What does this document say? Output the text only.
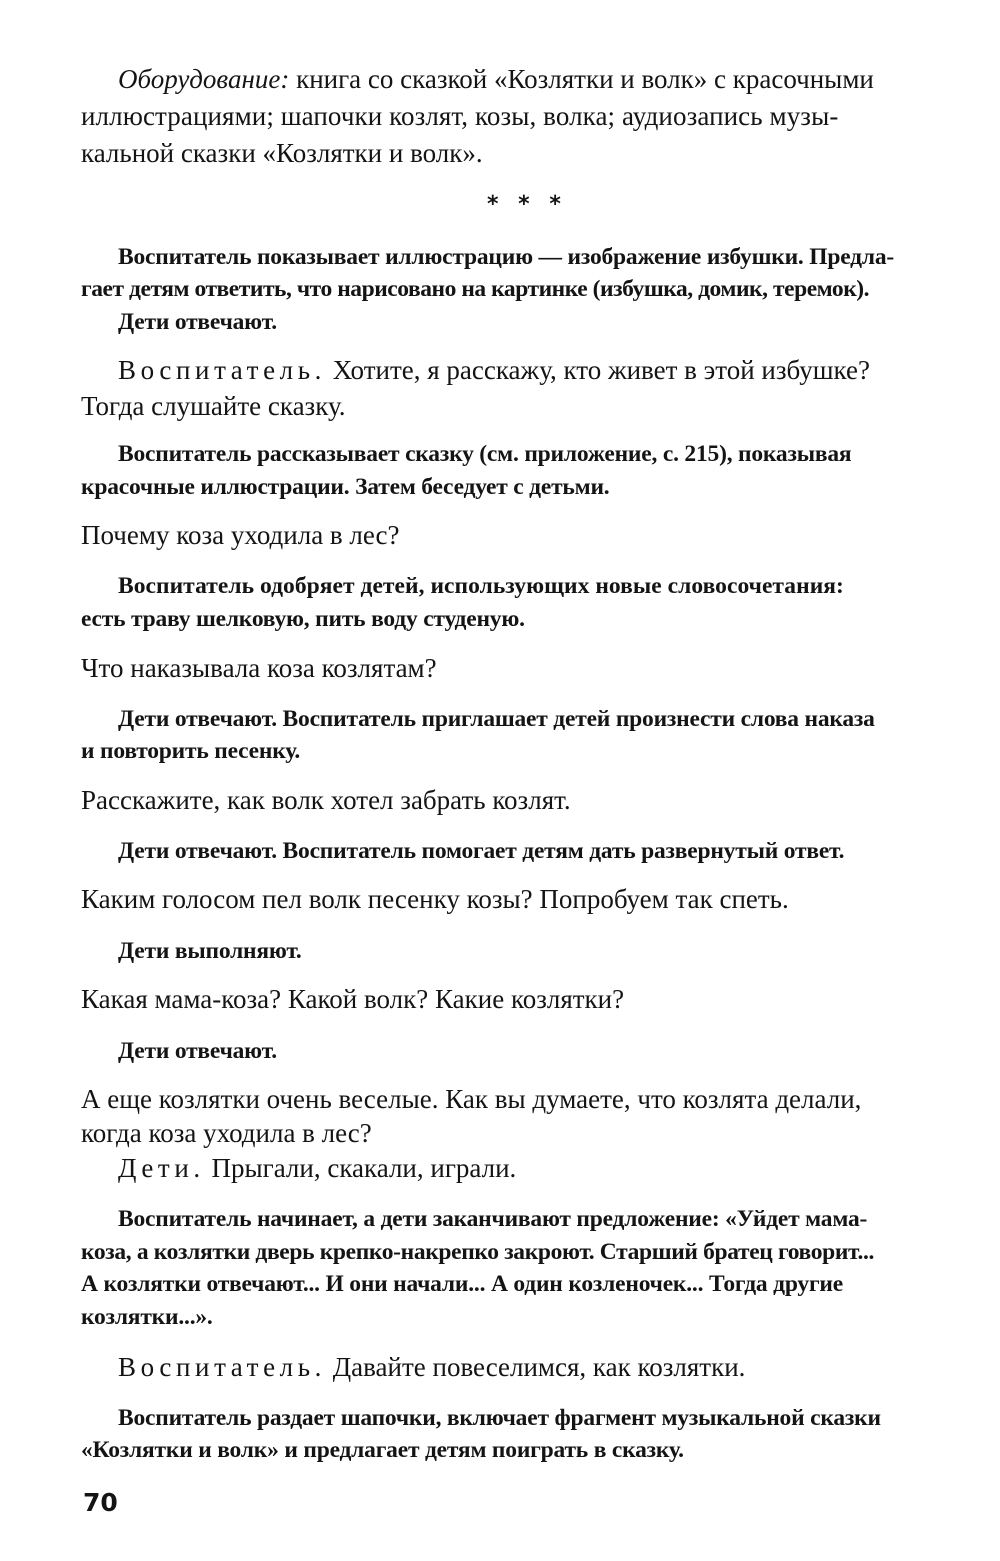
Оборудование: книга со сказкой «Козлятки и волк» с красочными
иллюстрациями; шапочки козлят, козы, волка; аудиозапись музы-
кальной сказки «Козлятки и волк».
* * *
Воспитатель показывает иллюстрацию — изображение избушки. Предла-
гает детям ответить, что нарисовано на картинке (избушка, домик, теремок).
Дети отвечают.
Воспитатель. Хотите, я расскажу, кто живет в этой избушке?
Тогда слушайте сказку.
Воспитатель рассказывает сказку (см. приложение, с. 215), показывая
красочные иллюстрации. Затем беседует с детьми.
Почему коза уходила в лес?
Воспитатель одобряет детей, использующих новые словосочетания:
есть траву шелковую, пить воду студеную.
Что наказывала коза козлятам?
Дети отвечают. Воспитатель приглашает детей произнести слова наказа
и повторить песенку.
Расскажите, как волк хотел забрать козлят.
Дети отвечают. Воспитатель помогает детям дать развернутый ответ.
Каким голосом пел волк песенку козы? Попробуем так спеть.
Дети выполняют.
Какая мама-коза? Какой волк? Какие козлятки?
Дети отвечают.
А еще козлятки очень веселые. Как вы думаете, что козлята делали,
когда коза уходила в лес?
Дети. Прыгали, скакали, играли.
Воспитатель начинает, а дети заканчивают предложение: «Уйдет мама-
коза, а козлятки дверь крепко-накрепко закроют. Старший братец говорит...
А козлятки отвечают... И они начали... А один козленочек... Тогда другие
козлятки...».
Воспитатель. Давайте повеселимся, как козлятки.
Воспитатель раздает шапочки, включает фрагмент музыкальной сказки
«Козлятки и волк» и предлагает детям поиграть в сказку.
70
